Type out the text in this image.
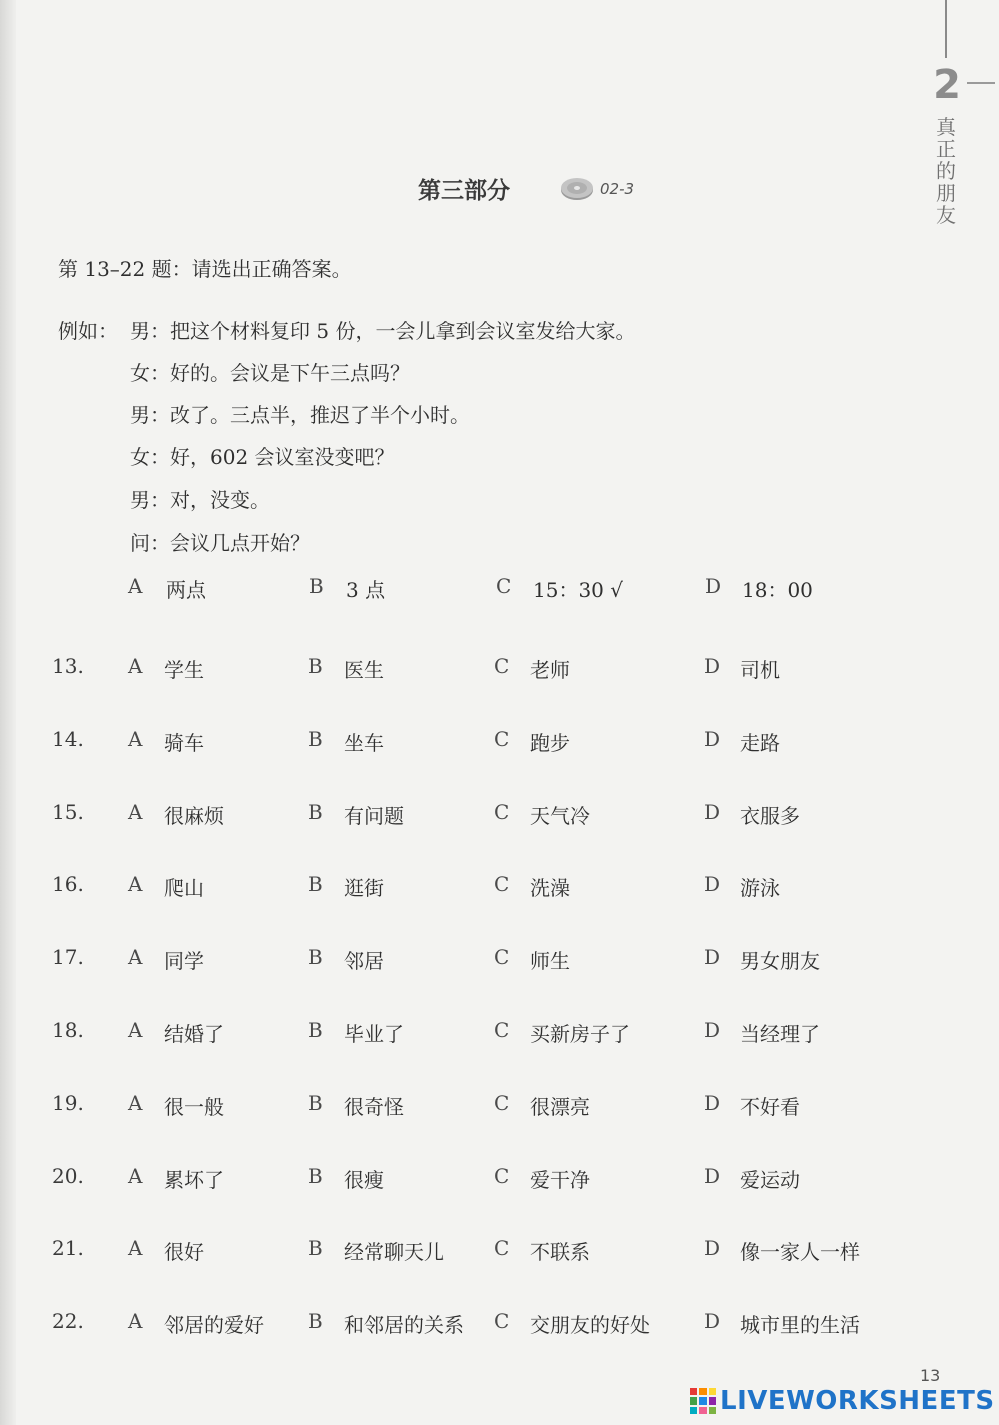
2
真正的朋友
第三部分	02-3
第 13–22 题：请选出正确答案。
例如： 男：把这个材料复印 5 份，一会儿拿到会议室发给大家。
女：好的。会议是下午三点吗？
男：改了。三点半，推迟了半个小时。
女：好，602 会议室没变吧？
男：对，没变。
问：会议几点开始？
A 两点	B 3 点	C 15：30 √	D 18：00
13. A 学生	B 医生	C 老师	D 司机
14. A 骑车	B 坐车	C 跑步	D 走路
15. A 很麻烦	B 有问题	C 天气冷	D 衣服多
16. A 爬山	B 逛街	C 洗澡	D 游泳
17. A 同学	B 邻居	C 师生	D 男女朋友
18. A 结婚了	B 毕业了	C 买新房子了	D 当经理了
19. A 很一般	B 很奇怪	C 很漂亮	D 不好看
20. A 累坏了	B 很瘦	C 爱干净	D 爱运动
21. A 很好	B 经常聊天儿	C 不联系	D 像一家人一样
22. A 邻居的爱好 B 和邻居的关系 C 交朋友的好处	D 城市里的生活
13
LIVEWORKSHEETS
